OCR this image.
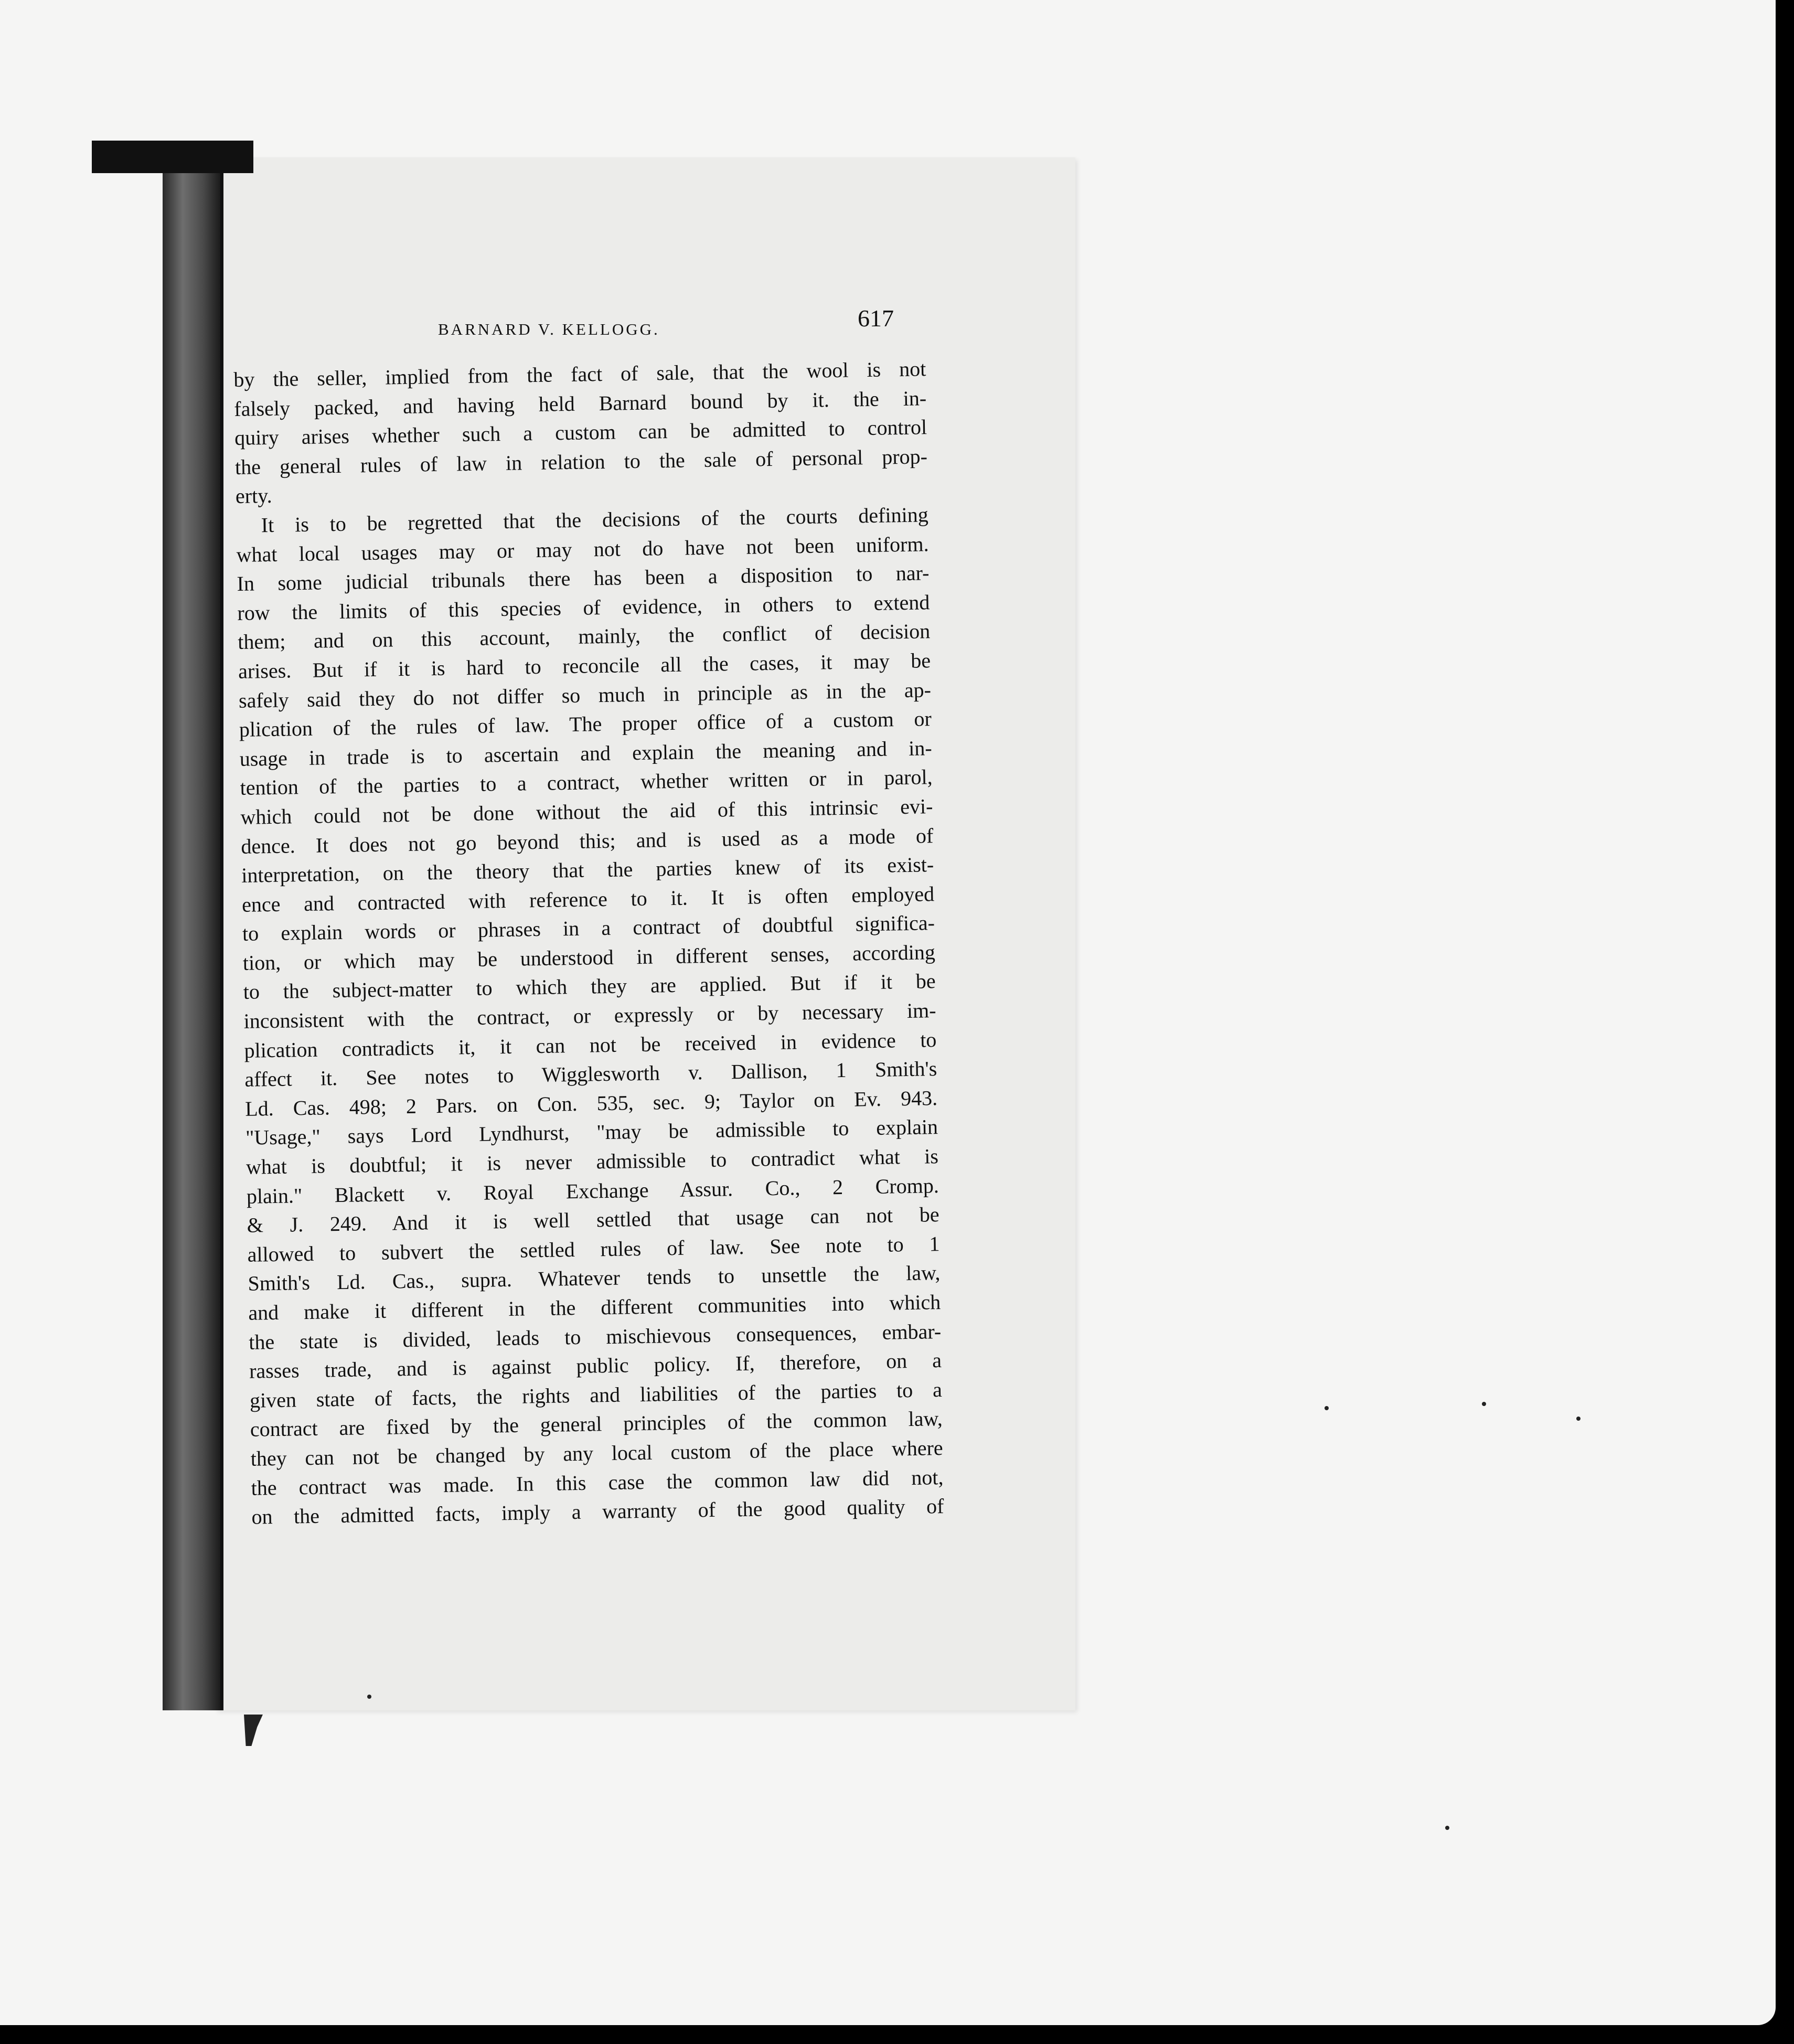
BARNARD V. KELLOGG.	617
by the seller, implied from the fact of sale, that the wool is not
falsely packed, and having held Barnard bound by it. the in-
quiry arises whether such a custom can be admitted to control
the general rules of law in relation to the sale of personal prop-
erty.
It is to be regretted that the decisions of the courts defining
what local usages may or may not do have not been uniform.
In some judicial tribunals there has been a disposition to nar-
row the limits of this species of evidence, in others to extend
them; and on this account, mainly, the conflict of decision
arises. But if it is hard to reconcile all the cases, it may be
safely said they do not differ so much in principle as in the ap-
plication of the rules of law. The proper office of a custom or
usage in trade is to ascertain and explain the meaning and in-
tention of the parties to a contract, whether written or in parol,
which could not be done without the aid of this intrinsic evi-
dence. It does not go beyond this; and is used as a mode of
interpretation, on the theory that the parties knew of its exist-
ence and contracted with reference to it. It is often employed
to explain words or phrases in a contract of doubtful significa-
tion, or which may be understood in different senses, according
to the subject-matter to which they are applied. But if it be
inconsistent with the contract, or expressly or by necessary im-
plication contradicts it, it can not be received in evidence to
affect it. See notes to Wigglesworth v. Dallison, 1 Smith's
Ld. Cas. 498; 2 Pars. on Con. 535, sec. 9; Taylor on Ev. 943.
"Usage," says Lord Lyndhurst, "may be admissible to explain
what is doubtful; it is never admissible to contradict what is
plain." Blackett v. Royal Exchange Assur. Co., 2 Cromp.
& J. 249. And it is well settled that usage can not be
allowed to subvert the settled rules of law. See note to 1
Smith's Ld. Cas., supra. Whatever tends to unsettle the law,
and make it different in the different communities into which
the state is divided, leads to mischievous consequences, embar-
rasses trade, and is against public policy. If, therefore, on a
given state of facts, the rights and liabilities of the parties to a
contract are fixed by the general principles of the common law,
they can not be changed by any local custom of the place where
the contract was made. In this case the common law did not,
on the admitted facts, imply a warranty of the good quality of
